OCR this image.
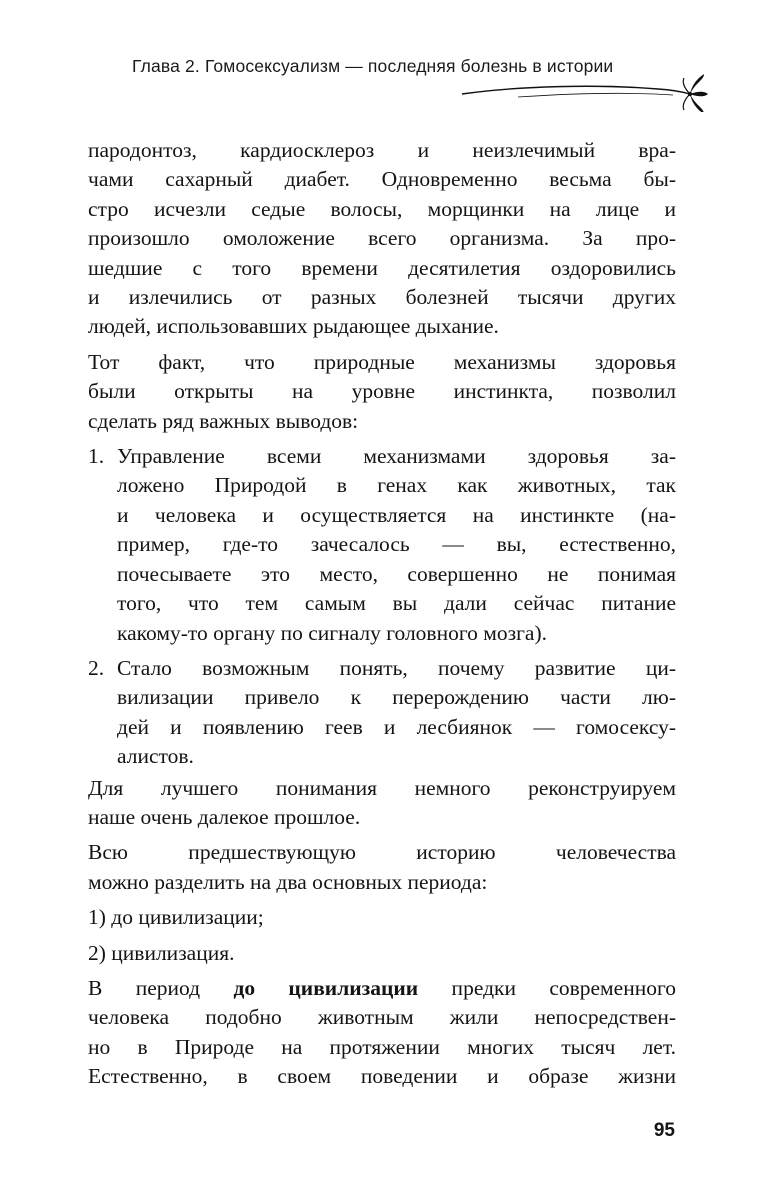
Глава 2. Гомосексуализм — последняя болезнь в истории
пародонтоз, кардиосклероз и неизлечимый вра-
чами сахарный диабет. Одновременно весьма бы-
стро исчезли седые волосы, морщинки на лице и
произошло омоложение всего организма. За про-
шедшие с того времени десятилетия оздоровились
и излечились от разных болезней тысячи других
людей, использовавших рыдающее дыхание.
Тот факт, что природные механизмы здоровья
были открыты на уровне инстинкта, позволил
сделать ряд важных выводов:
1. Управление всеми механизмами здоровья за-
ложено Природой в генах как животных, так
и человека и осуществляется на инстинкте (на-
пример, где-то зачесалось — вы, естественно,
почесываете это место, совершенно не понимая
того, что тем самым вы дали сейчас питание
какому-то органу по сигналу головного мозга).
2. Стало возможным понять, почему развитие ци-
вилизации привело к перерождению части лю-
дей и появлению геев и лесбиянок — гомосексу-
алистов.
Для лучшего понимания немного реконструируем
наше очень далекое прошлое.
Всю предшествующую историю человечества
можно разделить на два основных периода:
1) до цивилизации;
2) цивилизация.
В период до цивилизации предки современного
человека подобно животным жили непосредствен-
но в Природе на протяжении многих тысяч лет.
Естественно, в своем поведении и образе жизни
95
